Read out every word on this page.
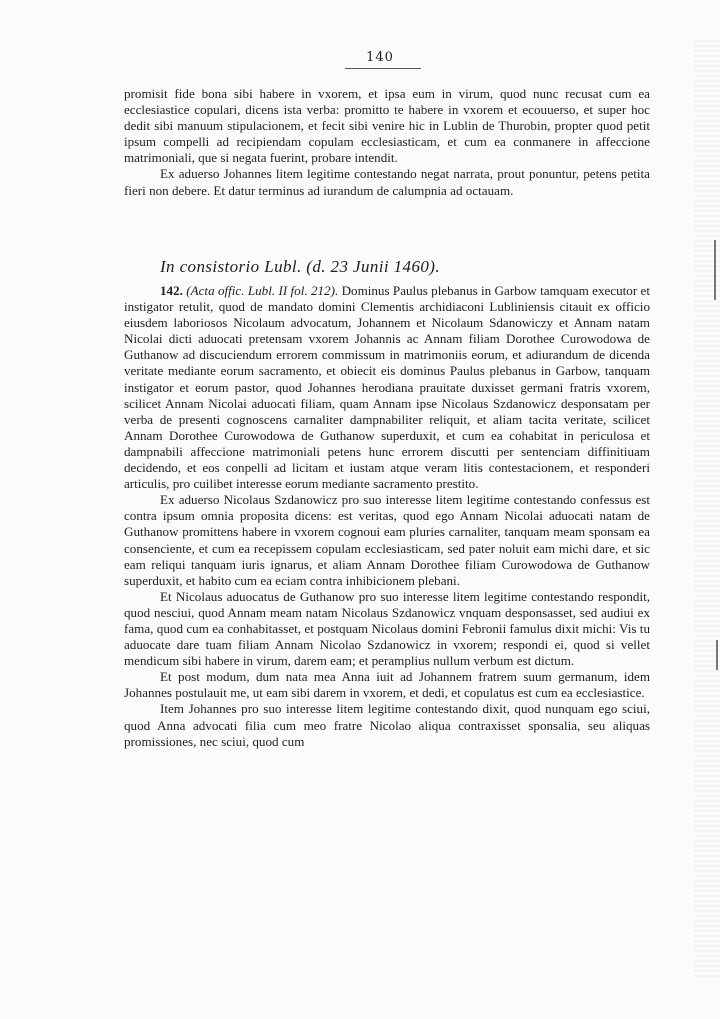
140

promisit fide bona sibi habere in vxorem, et ipsa eum in virum, quod nunc recusat cum ea ecclesiastice copulari, dicens ista verba: promitto te habere in vxorem et ecouuerso, et super hoc dedit sibi manuum stipulacionem, et fecit sibi venire hic in Lublin de Thurobin, propter quod petit ipsum compelli ad recipiendam copulam ecclesiasticam, et cum ea conmanere in affeccione matrimoniali, que si negata fuerint, probare intendit.

Ex aduerso Johannes litem legitime contestando negat narrata, prout ponuntur, petens petita fieri non debere. Et datur terminus ad iurandum de calumpnia ad octauam.

In consistorio Lubl. (d. 23 Junii 1460).

142. (Acta offic. Lubl. II fol. 212). Dominus Paulus plebanus in Garbow tamquam executor et instigator retulit, quod de mandato domini Clementis archidiaconi Lubliniensis citauit ex officio eiusdem laboriosos Nicolaum advocatum, Johannem et Nicolaum Sdanowiczy et Annam natam Nicolai dicti aduocati pretensam vxorem Johannis ac Annam filiam Dorothee Curowodowa de Guthanow ad discuciendum errorem commissum in matrimoniis eorum, et adiurandum de dicenda veritate mediante eorum sacramento, et obiecit eis dominus Paulus plebanus in Garbow, tanquam instigator et eorum pastor, quod Johannes herodiana prauitate duxisset germani fratris vxorem, scilicet Annam Nicolai aduocati filiam, quam Annam ipse Nicolaus Szdanowicz desponsatam per verba de presenti cognoscens carnaliter dampnabiliter reliquit, et aliam tacita veritate, scilicet Annam Dorothee Curowodowa de Guthanow superduxit, et cum ea cohabitat in periculosa et dampnabili affeccione matrimoniali petens hunc errorem discutti per sentenciam diffinitiuam decidendo, et eos conpelli ad licitam et iustam atque veram litis contestacionem, et responderi articulis, pro cuilibet interesse eorum mediante sacramento prestito.

Ex aduerso Nicolaus Szdanowicz pro suo interesse litem legitime contestando confessus est contra ipsum omnia proposita dicens: est veritas, quod ego Annam Nicolai aduocati natam de Guthanow promittens habere in vxorem cognoui eam pluries carnaliter, tanquam meam sponsam ea consenciente, et cum ea recepissem copulam ecclesiasticam, sed pater noluit eam michi dare, et sic eam reliqui tanquam iuris ignarus, et aliam Annam Dorothee filiam Curowodowa de Guthanow superduxit, et habito cum ea eciam contra inhibicionem plebani.

Et Nicolaus aduocatus de Guthanow pro suo interesse litem legitime contestando respondit, quod nesciui, quod Annam meam natam Nicolaus Szdanowicz vnquam desponsasset, sed audiui ex fama, quod cum ea conhabitasset, et postquam Nicolaus domini Febronii famulus dixit michi: Vis tu aduocate dare tuam filiam Annam Nicolao Szdanowicz in vxorem; respondi ei, quod si vellet mendicum sibi habere in virum, darem eam; et peramplius nullum verbum est dictum.

Et post modum, dum nata mea Anna iuit ad Johannem fratrem suum germanum, idem Johannes postulauit me, ut eam sibi darem in vxorem, et dedi, et copulatus est cum ea ecclesiastice.

Item Johannes pro suo interesse litem legitime contestando dixit, quod nunquam ego sciui, quod Anna advocati filia cum meo fratre Nicolao aliqua contraxisset sponsalia, seu aliquas promissiones, nec sciui, quod cum
